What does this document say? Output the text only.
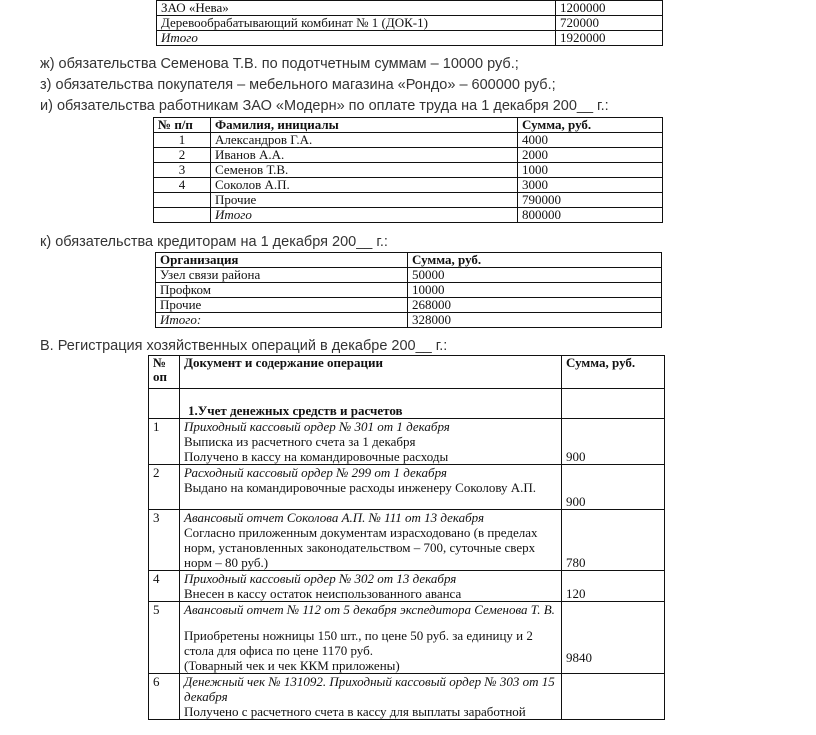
ЗАО «Нева»	1200000
Деревообрабатывающий комбинат № 1 (ДОК-1)	720000
Итого	1920000
ж) обязательства Семенова Т.В. по подотчетным суммам – 10000 руб.;
з) обязательства покупателя – мебельного магазина «Рондо» – 600000 руб.;
и) обязательства работникам ЗАО «Модерн» по оплате труда на 1 декабря 200__ г.:
№ п/п	Фамилия, инициалы	Сумма, руб.
1	Александров Г.А.	4000
2	Иванов А.А.	2000
3	Семенов Т.В.	1000
4	Соколов А.П.	3000
	Прочие	790000
	Итого	800000
к) обязательства кредиторам на 1 декабря 200__ г.:
Организация	Сумма, руб.
Узел связи района	50000
Профком	10000
Прочие	268000
Итого:	328000
В. Регистрация хозяйственных операций в декабре 200__ г.:
№ оп	Документ и содержание операции	Сумма, руб.
	1.Учет денежных средств и расчетов	
1	Приходный кассовый ордер № 301 от 1 декабря
Выписка из расчетного счета за 1 декабря
Получено в кассу на командировочные расходы	900
2	Расходный кассовый ордер № 299 от 1 декабря
Выдано на командировочные расходы инженеру Соколову А.П.	900
3	Авансовый отчет Соколова А.П. № 111 от 13 декабря
Согласно приложенным документам израсходовано (в пределах норм, установленных законодательством – 700, суточные сверх норм – 80 руб.)	780
4	Приходный кассовый ордер № 302 от 13 декабря
Внесен в кассу остаток неиспользованного аванса	120
5	Авансовый отчет № 112 от 5 декабря экспедитора Семенова Т. В.
Приобретены ножницы 150 шт., по цене 50 руб. за единицу и 2 стола для офиса по цене 1170 руб.
(Товарный чек и чек ККМ приложены)	9840
6	Денежный чек № 131092. Приходный кассовый ордер № 303 от 15 декабря
Получено с расчетного счета в кассу для выплаты заработной	
